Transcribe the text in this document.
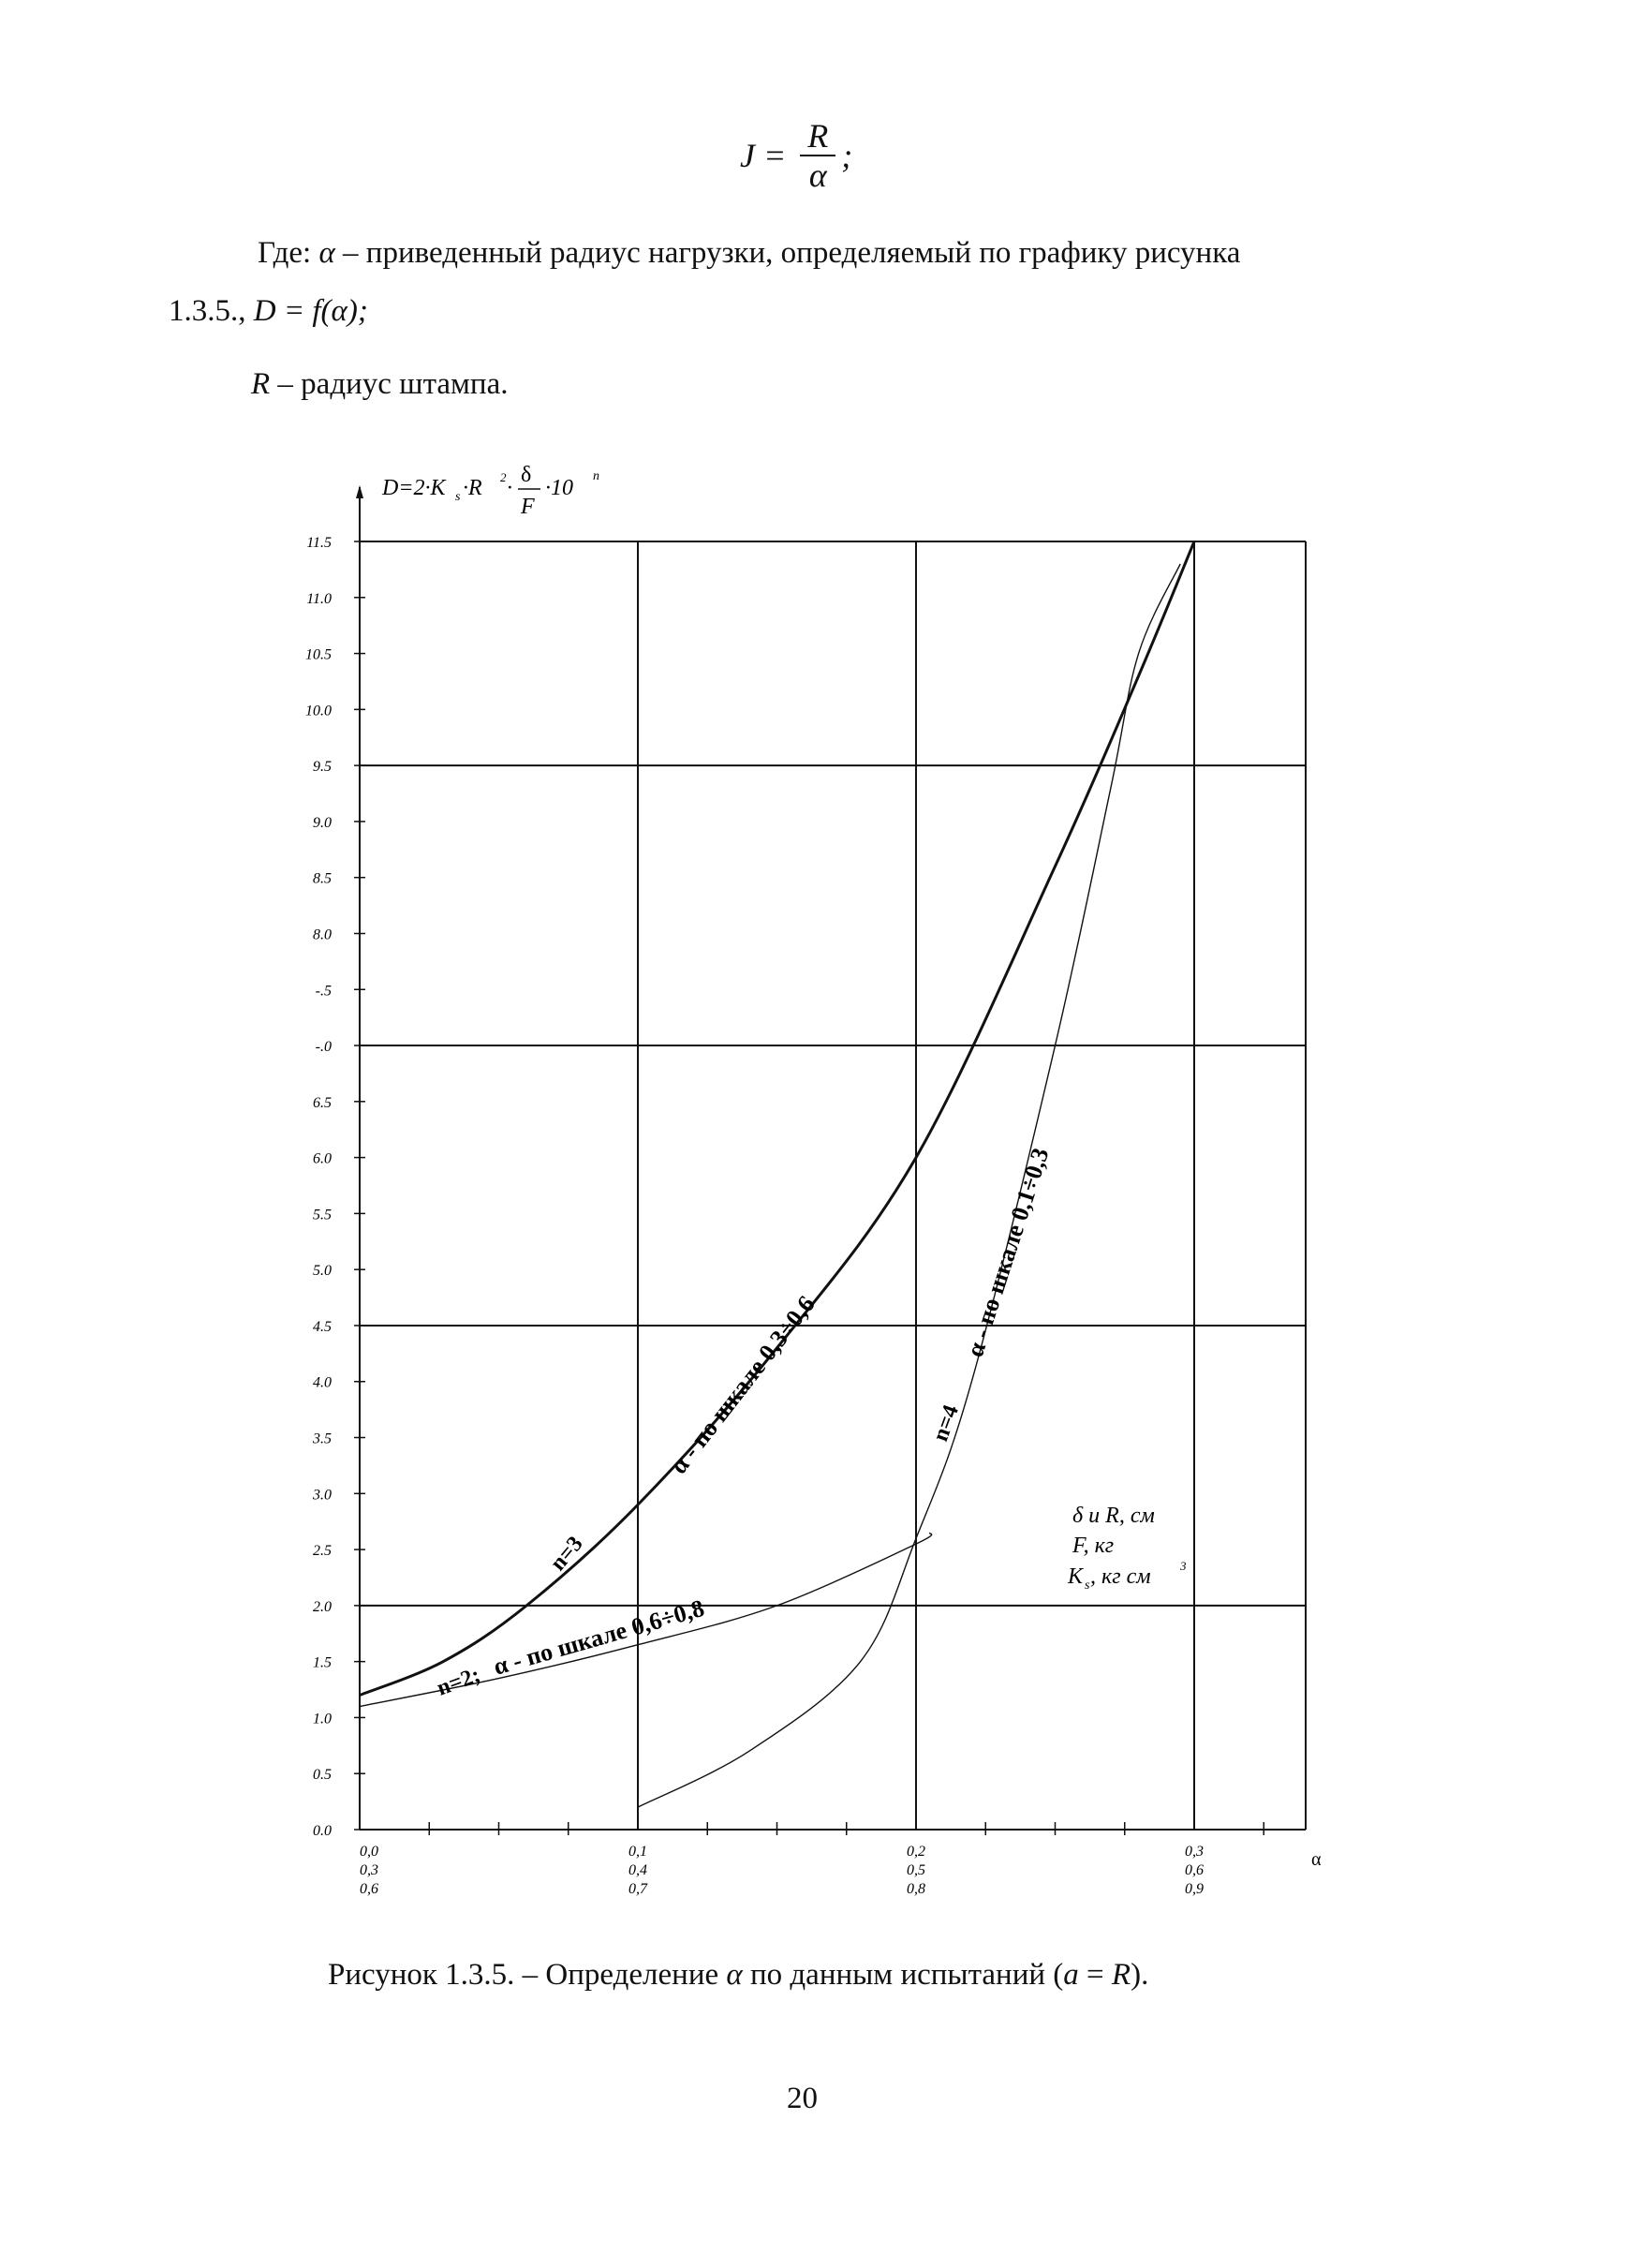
$J = \frac{R}{\alpha}$ ;
Где: α – приведенный радиус нагрузки, определяемый по графику рисунка
1.3.5., D = f(α);
R – радиус штампа.
0.0
0.5
1.0
1.5
2.0
2.5
3.0
3.5
4.0
4.5
5.0
5.5
6.0
6.5
-.0
-.5
8.0
8.5
9.0
9.5
10.0
10.5
11.0
11.5
0,0
0,3
0,6
0,1
0,4
0,7
0,2
0,5
0,8
0,3
0,6
0,9
α
D=2·K s ·R 2 ·
δ
F
·10 n
n=3
α - по шкале 0,3÷0,6
n=2;
α - по шкале 0,6÷0,8
n=4
α - по шкале 0,1÷0,3
δ и R, см
F, кг
K s , кг см 3
Рисунок 1.3.5. – Определение α по данным испытаний (a = R).
20
